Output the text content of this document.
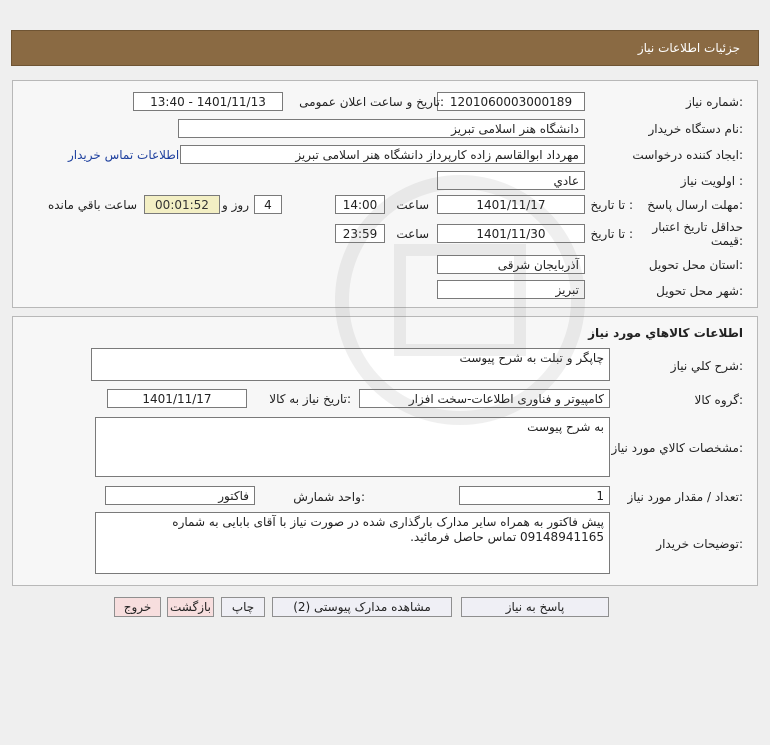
جزئیات اطلاعات نیاز
شماره نیاز:
1201060003000189
تاریخ و ساعت اعلان عمومی:
1401/11/13 - 13:40
نام دستگاه خریدار:
دانشگاه هنر اسلامی تبریز
ایجاد کننده درخواست:
مهرداد ابوالقاسم زاده کارپرداز دانشگاه هنر اسلامی تبریز
اطلاعات تماس خریدار
اولویت نیاز :
عادي
مهلت ارسال پاسخ:
تا تاریخ :
1401/11/17
ساعت
14:00
4
روز و
00:01:52
ساعت باقي مانده
حداقل تاریخ اعتبار قیمت:
تا تاریخ :
1401/11/30
ساعت
23:59
استان محل تحویل:
آذربایجان شرقی
شهر محل تحویل:
تبریز
اطلاعات کالاهاي مورد نياز
شرح کلي نياز:
چاپگر و تبلت به شرح پیوست
گروه کالا:
کامپیوتر و فناوری اطلاعات-سخت افزار
تاریخ نیاز به کالا:
1401/11/17
مشخصات کالاي مورد نياز:
به شرح پیوست
تعداد / مقدار مورد نیاز:
1
واحد شمارش:
فاکتور
توضیحات خریدار:
پیش فاکتور به همراه سایر مدارک بارگذاری شده در صورت نیاز با آقای بابایی به شماره 09148941165 تماس حاصل فرمائید.
پاسخ به نیاز
مشاهده مدارک پیوستی (2)
چاپ
بازگشت
خروج
